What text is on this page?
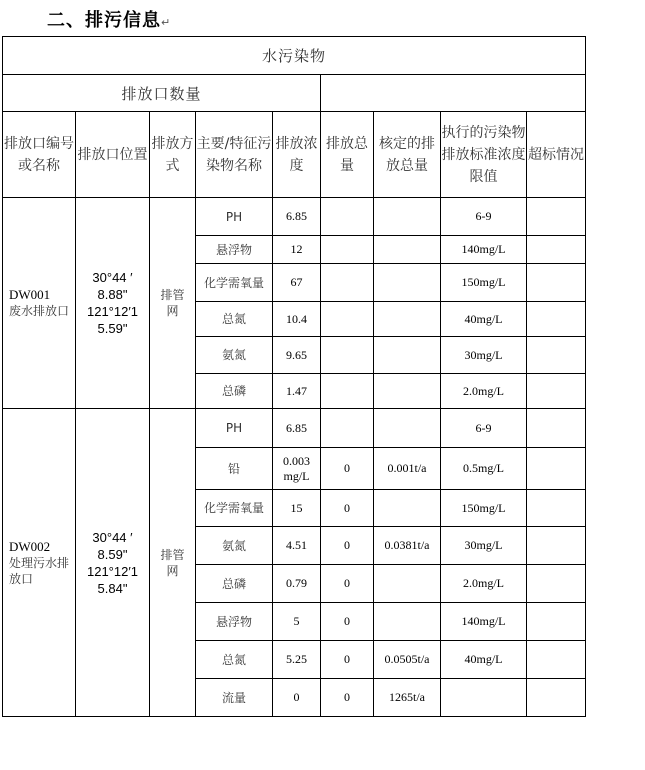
二、排污信息↵
水污染物								
排放口数量								
排放口编号或名称	排放口位置	排放方式	主要/特征污染物名称	排放浓度	排放总量	核定的排放总量	执行的污染物排放标准浓度限值	超标情况

DW001
废水排放口	30°44 ′ 8.88" 121°12′1 5.59"	排管网	PH	6.85			6-9	
			悬浮物	12			140mg/L	
			化学需氧量	67			150mg/L	
			总氮	10.4			40mg/L	
			氨氮	9.65			30mg/L	
			总磷	1.47			2.0mg/L	

DW002
处理污水排放口	30°44 ′ 8.59" 121°12′1 5.84"	排管网	PH	6.85			6-9	
			铅	0.003 mg/L	0	0.001t/a	0.5mg/L	
			化学需氧量	15	0		150mg/L	
			氨氮	4.51	0	0.0381t/a	30mg/L	
			总磷	0.79	0		2.0mg/L	
			悬浮物	5	0		140mg/L	
			总氮	5.25	0	0.0505t/a	40mg/L	
			流量	0	0	1265t/a		
